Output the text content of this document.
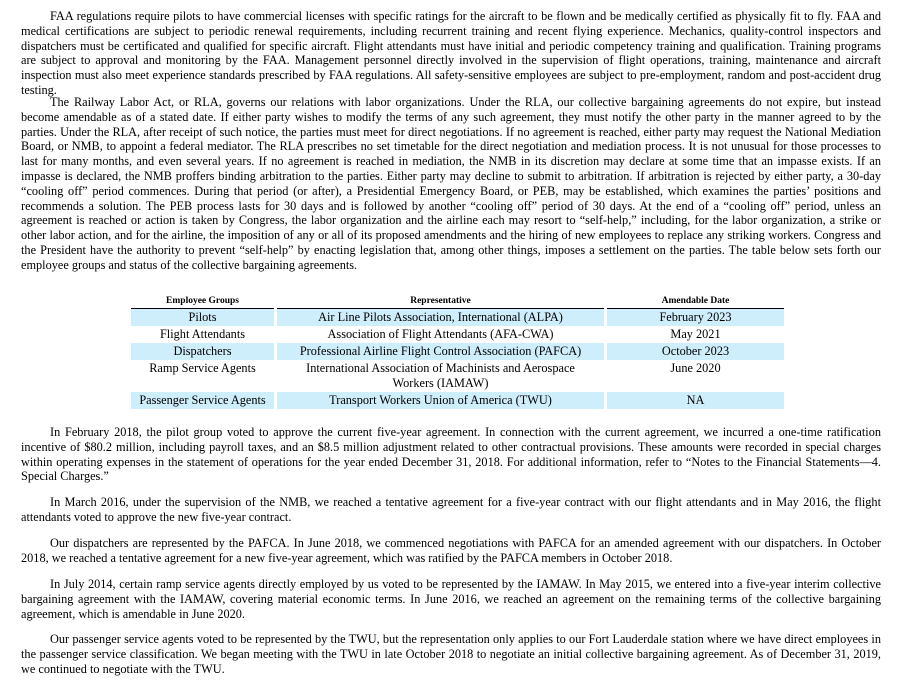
FAA regulations require pilots to have commercial licenses with specific ratings for the aircraft to be flown and be medically certified as physically fit to fly. FAA and medical certifications are subject to periodic renewal requirements, including recurrent training and recent flying experience. Mechanics, quality-control inspectors and dispatchers must be certificated and qualified for specific aircraft. Flight attendants must have initial and periodic competency training and qualification. Training programs are subject to approval and monitoring by the FAA. Management personnel directly involved in the supervision of flight operations, training, maintenance and aircraft inspection must also meet experience standards prescribed by FAA regulations. All safety-sensitive employees are subject to pre-employment, random and post-accident drug testing.

The Railway Labor Act, or RLA, governs our relations with labor organizations. Under the RLA, our collective bargaining agreements do not expire, but instead become amendable as of a stated date. If either party wishes to modify the terms of any such agreement, they must notify the other party in the manner agreed to by the parties. Under the RLA, after receipt of such notice, the parties must meet for direct negotiations. If no agreement is reached, either party may request the National Mediation Board, or NMB, to appoint a federal mediator. The RLA prescribes no set timetable for the direct negotiation and mediation process. It is not unusual for those processes to last for many months, and even several years. If no agreement is reached in mediation, the NMB in its discretion may declare at some time that an impasse exists. If an impasse is declared, the NMB proffers binding arbitration to the parties. Either party may decline to submit to arbitration. If arbitration is rejected by either party, a 30-day “cooling off” period commences. During that period (or after), a Presidential Emergency Board, or PEB, may be established, which examines the parties’ positions and recommends a solution. The PEB process lasts for 30 days and is followed by another “cooling off” period of 30 days. At the end of a “cooling off” period, unless an agreement is reached or action is taken by Congress, the labor organization and the airline each may resort to “self-help,” including, for the labor organization, a strike or other labor action, and for the airline, the imposition of any or all of its proposed amendments and the hiring of new employees to replace any striking workers. Congress and the President have the authority to prevent “self-help” by enacting legislation that, among other things, imposes a settlement on the parties. The table below sets forth our employee groups and status of the collective bargaining agreements.

Employee Groups		Representative		Amendable Date
Pilots		Air Line Pilots Association, International (ALPA)		February 2023
Flight Attendants		Association of Flight Attendants (AFA-CWA)		May 2021
Dispatchers		Professional Airline Flight Control Association (PAFCA)		October 2023
Ramp Service Agents		International Association of Machinists and Aerospace Workers (IAMAW)		June 2020
Passenger Service Agents		Transport Workers Union of America (TWU)		NA

In February 2018, the pilot group voted to approve the current five-year agreement. In connection with the current agreement, we incurred a one-time ratification incentive of $80.2 million, including payroll taxes, and an $8.5 million adjustment related to other contractual provisions. These amounts were recorded in special charges within operating expenses in the statement of operations for the year ended December 31, 2018. For additional information, refer to “Notes to the Financial Statements—4. Special Charges.”

In March 2016, under the supervision of the NMB, we reached a tentative agreement for a five-year contract with our flight attendants and in May 2016, the flight attendants voted to approve the new five-year contract.

Our dispatchers are represented by the PAFCA. In June 2018, we commenced negotiations with PAFCA for an amended agreement with our dispatchers. In October 2018, we reached a tentative agreement for a new five-year agreement, which was ratified by the PAFCA members in October 2018.

In July 2014, certain ramp service agents directly employed by us voted to be represented by the IAMAW. In May 2015, we entered into a five-year interim collective bargaining agreement with the IAMAW, covering material economic terms. In June 2016, we reached an agreement on the remaining terms of the collective bargaining agreement, which is amendable in June 2020.

Our passenger service agents voted to be represented by the TWU, but the representation only applies to our Fort Lauderdale station where we have direct employees in the passenger service classification. We began meeting with the TWU in late October 2018 to negotiate an initial collective bargaining agreement. As of December 31, 2019, we continued to negotiate with the TWU.
